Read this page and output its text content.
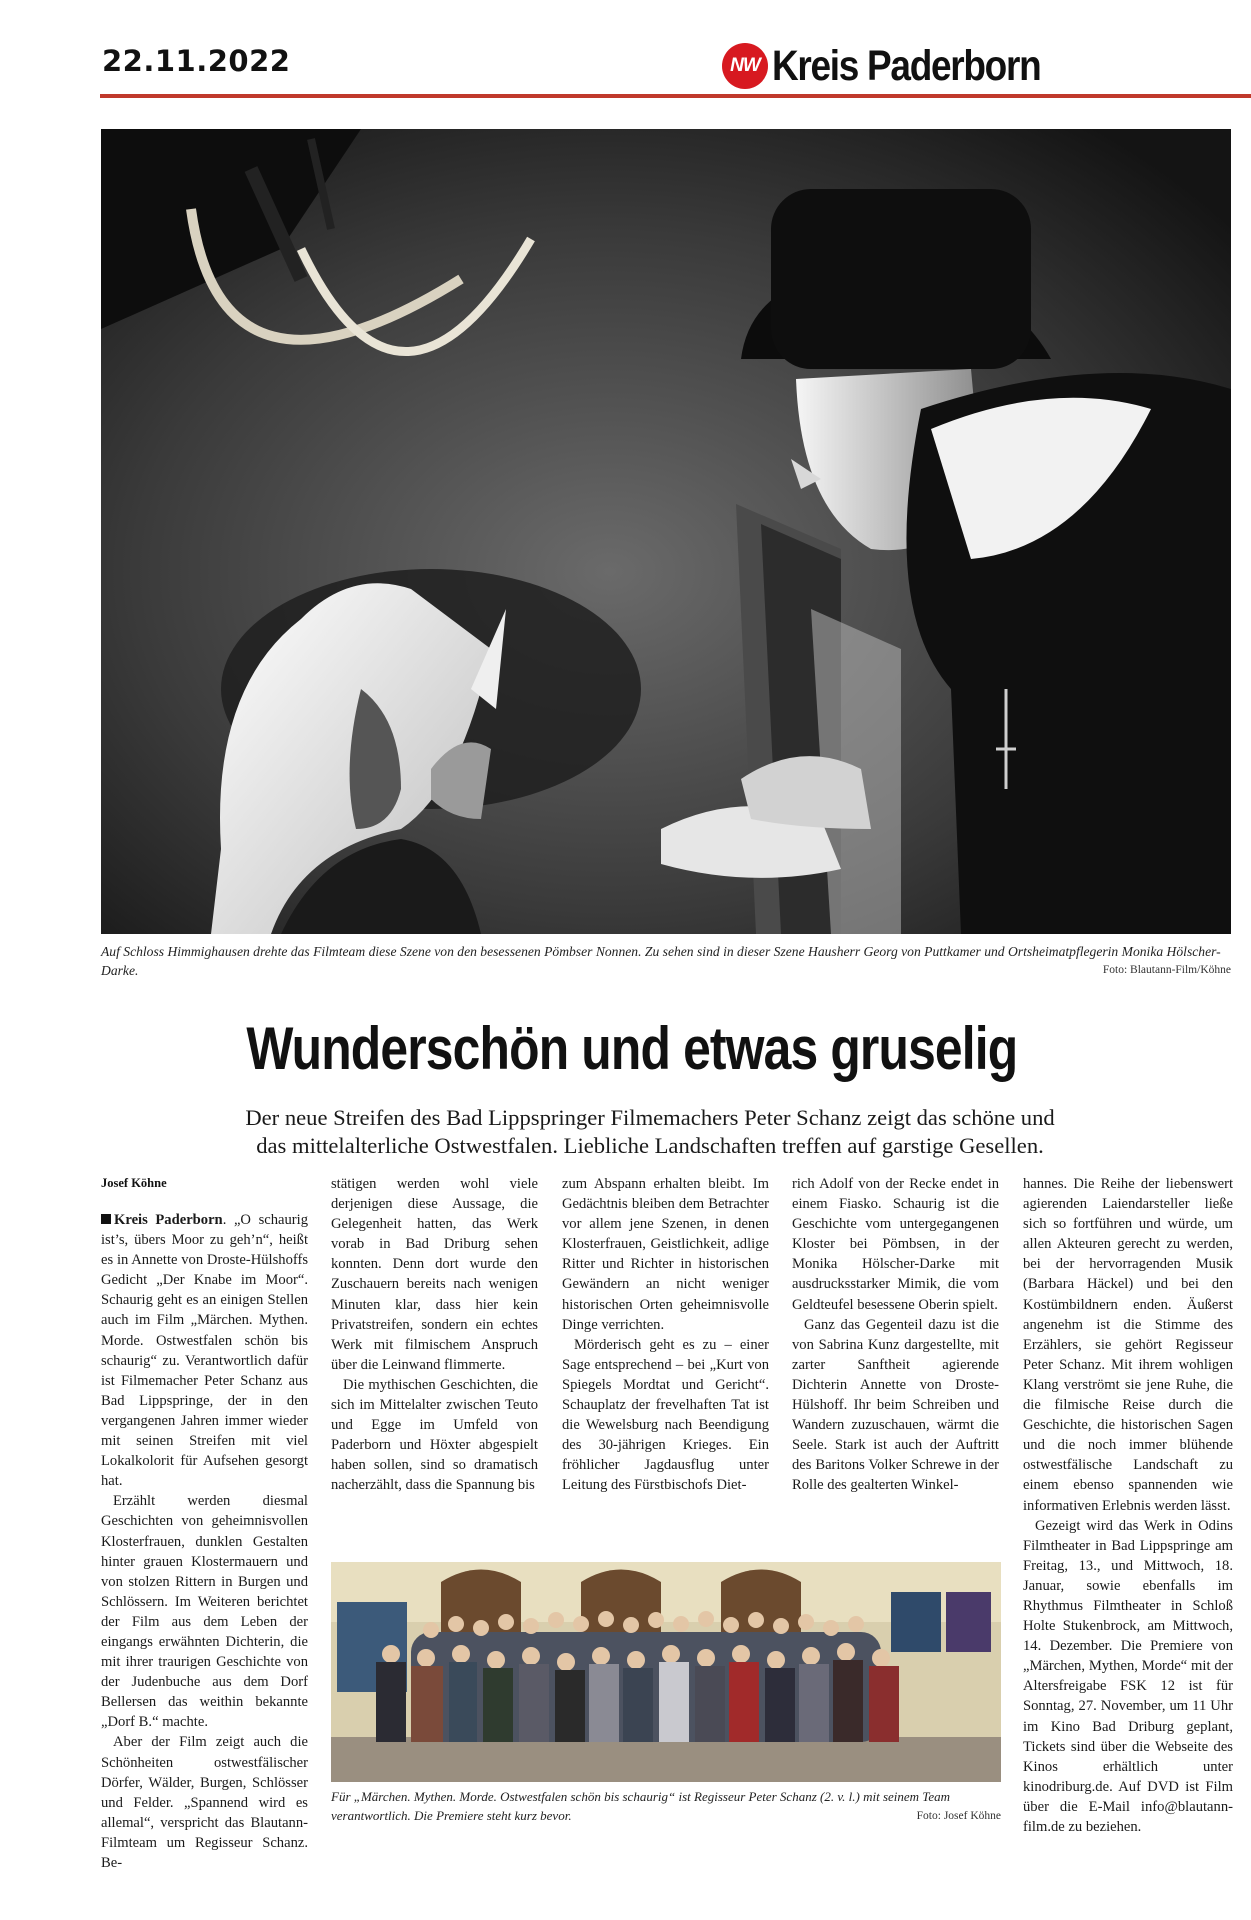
22.11.2022	NW Kreis Paderborn
Auf Schloss Himmighausen drehte das Filmteam diese Szene von den besessenen Pömbser Nonnen. Zu sehen sind in dieser Szene Hausherr Georg von Puttkamer und Ortsheimatpflegerin Monika Hölscher-Darke.	Foto: Blautann-Film/Köhne
Wunderschön und etwas gruselig
Der neue Streifen des Bad Lippspringer Filmemachers Peter Schanz zeigt das schöne und
das mittelalterliche Ostwestfalen. Liebliche Landschaften treffen auf garstige Gesellen.
Josef Köhne

Kreis Paderborn. „O schaurig ist’s, übers Moor zu geh’n“, heißt es in Annette von Droste-Hülshoffs Gedicht „Der Knabe im Moor“. Schaurig geht es an einigen Stellen auch im Film „Märchen. Mythen. Morde. Ostwestfalen schön bis schaurig“ zu. Verantwortlich dafür ist Filmemacher Peter Schanz aus Bad Lippspringe, der in den vergangenen Jahren immer wieder mit seinen Streifen mit viel Lokalkolorit für Aufsehen gesorgt hat.

Erzählt werden diesmal Geschichten von geheimnisvollen Klosterfrauen, dunklen Gestalten hinter grauen Klostermauern und von stolzen Rittern in Burgen und Schlössern. Im Weiteren berichtet der Film aus dem Leben der eingangs erwähnten Dichterin, die mit ihrer traurigen Geschichte von der Judenbuche aus dem Dorf Bellersen das weithin bekannte „Dorf B.“ machte.

Aber der Film zeigt auch die Schönheiten ostwestfälischer Dörfer, Wälder, Burgen, Schlösser und Felder. „Spannend wird es allemal“, verspricht das Blautann-Filmteam um Regisseur Schanz. Be-

stätigen werden wohl viele derjenigen diese Aussage, die Gelegenheit hatten, das Werk vorab in Bad Driburg sehen konnten. Denn dort wurde den Zuschauern bereits nach wenigen Minuten klar, dass hier kein Privatstreifen, sondern ein echtes Werk mit filmischem Anspruch über die Leinwand flimmerte.

Die mythischen Geschichten, die sich im Mittelalter zwischen Teuto und Egge im Umfeld von Paderborn und Höxter abgespielt haben sollen, sind so dramatisch nacherzählt, dass die Spannung bis

zum Abspann erhalten bleibt. Im Gedächtnis bleiben dem Betrachter vor allem jene Szenen, in denen Klosterfrauen, Geistlichkeit, adlige Ritter und Richter in historischen Gewändern an nicht weniger historischen Orten geheimnisvolle Dinge verrichten.

Mörderisch geht es zu – einer Sage entsprechend – bei „Kurt von Spiegels Mordtat und Gericht“. Schauplatz der frevelhaften Tat ist die Wewelsburg nach Beendigung des 30-jährigen Krieges. Ein fröhlicher Jagdausflug unter Leitung des Fürstbischofs Diet-

rich Adolf von der Recke endet in einem Fiasko. Schaurig ist die Geschichte vom untergegangenen Kloster bei Pömbsen, in der Monika Hölscher-Darke mit ausdrucksstarker Mimik, die vom Geldteufel besessene Oberin spielt.

Ganz das Gegenteil dazu ist die von Sabrina Kunz dargestellte, mit zarter Sanftheit agierende Dichterin Annette von Droste-Hülshoff. Ihr beim Schreiben und Wandern zuzuschauen, wärmt die Seele. Stark ist auch der Auftritt des Baritons Volker Schrewe in der Rolle des gealterten Winkel-

hannes. Die Reihe der liebenswert agierenden Laiendarsteller ließe sich so fortführen und würde, um allen Akteuren gerecht zu werden, bei der hervorragenden Musik (Barbara Häckel) und bei den Kostümbildnern enden. Äußerst angenehm ist die Stimme des Erzählers, sie gehört Regisseur Peter Schanz. Mit ihrem wohligen Klang verströmt sie jene Ruhe, die die filmische Reise durch die Geschichte, die historischen Sagen und die noch immer blühende ostwestfälische Landschaft zu einem ebenso spannenden wie informativen Erlebnis werden lässt.

Gezeigt wird das Werk in Odins Filmtheater in Bad Lippspringe am Freitag, 13., und Mittwoch, 18. Januar, sowie ebenfalls im Rhythmus Filmtheater in Schloß Holte Stukenbrock, am Mittwoch, 14. Dezember. Die Premiere von „Märchen, Mythen, Morde“ mit der Altersfreigabe FSK 12 ist für Sonntag, 27. November, um 11 Uhr im Kino Bad Driburg geplant, Tickets sind über die Webseite des Kinos erhältlich unter kinodriburg.de. Auf DVD ist Film über die E-Mail info@blautann-film.de zu beziehen.

Für „Märchen. Mythen. Morde. Ostwestfalen schön bis schaurig“ ist Regisseur Peter Schanz (2. v. l.) mit seinem Team verantwortlich. Die Premiere steht kurz bevor.	Foto: Josef Köhne
